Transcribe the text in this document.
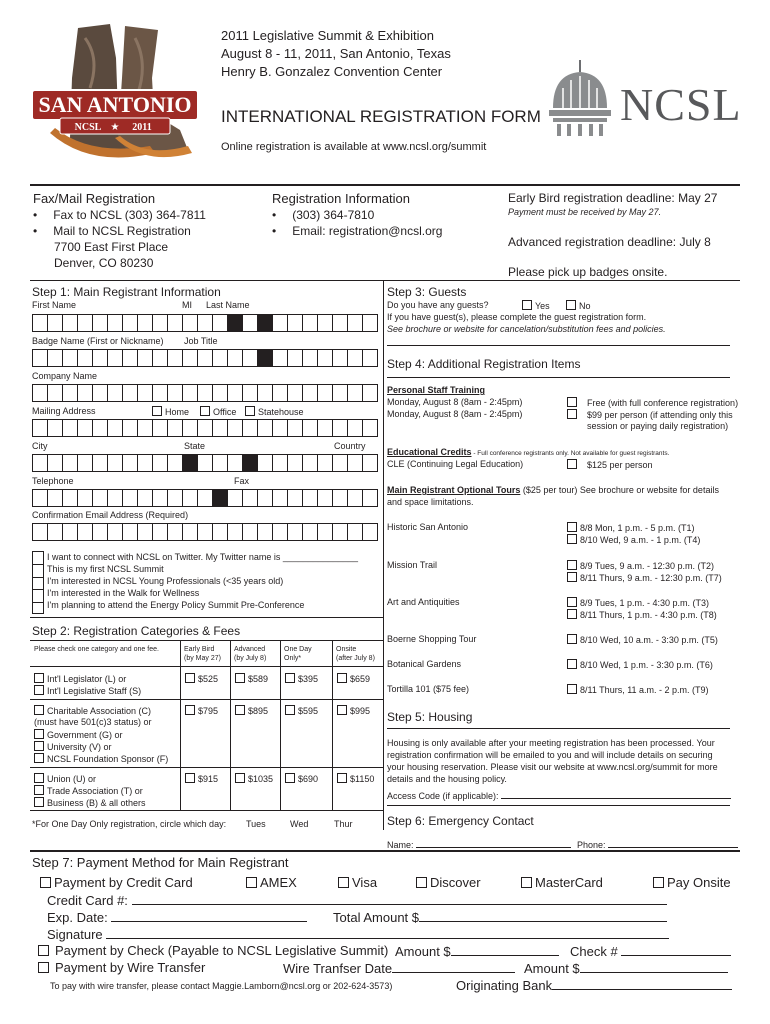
SAN ANTONIO
NCSL ★ 2011
2011 Legislative Summit & Exhibition
August 8 - 11, 2011, San Antonio, Texas
Henry B. Gonzalez Convention Center
INTERNATIONAL REGISTRATION FORM
Online registration is available at www.ncsl.org/summit
NCSL
Fax/Mail Registration
• Fax to NCSL (303) 364-7811
• Mail to NCSL Registration
7700 East First Place
Denver, CO 80230
Registration Information
• (303) 364-7810
• Email: registration@ncsl.org
Early Bird registration deadline: May 27
Payment must be received by May 27.
Advanced registration deadline: July 8
Please pick up badges onsite.
Step 1: Main Registrant Information
First Name	MI Last Name
Badge Name (First or Nickname) Job Title
Company Name
Mailing Address	Home	Office	Statehouse
City	State	Country
Telephone	Fax
Confirmation Email Address (Required)
I want to connect with NCSL on Twitter. My Twitter name is _______________
This is my first NCSL Summit
I'm interested in NCSL Young Professionals (<35 years old)
I'm interested in the Walk for Wellness
I'm planning to attend the Energy Policy Summit Pre-Conference
Step 2: Registration Categories & Fees
Please check one category and one fee.	Early Bird
(by May 27)
Advanced
(by July 8)
One Day
Only*
Onsite
(after July 8)
Int'l Legislator (L) or
Int'l Legislative Staff (S)
$525	$589	$395	$659
Charitable Association (C)
(must have 501(c)3 status) or
Government (G) or
University (V) or
NCSL Foundation Sponsor (F)
$795	$895	$595	$995
Union (U) or
Trade Association (T) or
Business (B) & all others
$915	$1035	$690	$1150
*For One Day Only registration, circle which day: Tues	Wed	Thur
Step 3: Guests
Do you have any guests?	Yes	No
If you have guest(s), please complete the guest registration form.
See brochure or website for cancelation/substitution fees and policies.
Step 4: Additional Registration Items
Personal Staff Training
Monday, August 8 (8am - 2:45pm)
Monday, August 8 (8am - 2:45pm)
Free (with full conference registration)
$99 per person (if attending only this
session or paying daily registration)
Educational Credits - Full conference registrants only. Not available for guest registrants.
CLE (Continuing Legal Education)	$125 per person
Main Registrant Optional Tours ($25 per tour) See brochure or website for details
and space limitations.
Historic San Antonio	8/8 Mon, 1 p.m. - 5 p.m. (T1)
8/10 Wed, 9 a.m. - 1 p.m. (T4)
Mission Trail	8/9 Tues, 9 a.m. - 12:30 p.m. (T2)
8/11 Thurs, 9 a.m. - 12:30 p.m. (T7)
Art and Antiquities	8/9 Tues, 1 p.m. - 4:30 p.m. (T3)
8/11 Thurs, 1 p.m. - 4:30 p.m. (T8)
Boerne Shopping Tour	8/10 Wed, 10 a.m. - 3:30 p.m. (T5)
Botanical Gardens	8/10 Wed, 1 p.m. - 3:30 p.m. (T6)
Tortilla 101 ($75 fee)	8/11 Thurs, 11 a.m. - 2 p.m. (T9)
Step 5: Housing
Housing is only available after your meeting registration has been processed. Your
registration confirmation will be emailed to you and will include details on securing
your housing reservation. Please visit our website at www.ncsl.org/summit for more
details and the housing policy.
Access Code (if applicable):
Step 6: Emergency Contact
Name:	Phone:
Step 7: Payment Method for Main Registrant
Payment by Credit Card	AMEX	Visa	Discover	MasterCard	Pay Onsite
Credit Card #:
Exp. Date:	Total Amount $
Signature
Payment by Check (Payable to NCSL Legislative Summit) Amount $	Check #
Payment by Wire Transfer	Wire Tranfser Date	Amount $
To pay with wire transfer, please contact Maggie.Lamborn@ncsl.org or 202-624-3573)	Originating Bank
